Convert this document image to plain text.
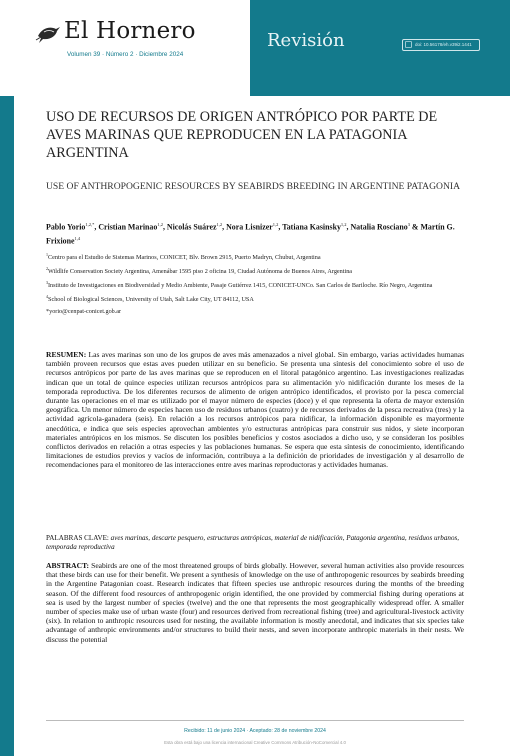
El Hornero
Volumen 39 · Número 2 · Diciembre 2024
Revisión	doi: 10.56178/eh.v39i2.1441
USO DE RECURSOS DE ORIGEN ANTRÓPICO POR PARTE DE AVES MARINAS QUE REPRODUCEN EN LA PATAGONIA ARGENTINA
USE OF ANTHROPOGENIC RESOURCES BY SEABIRDS BREEDING IN ARGENTINE PATAGONIA
Pablo Yorio$^{1,2,*}$, Cristian Marinao$^{1,2}$, Nicolás Suárez$^{1,2}$, Nora Lisnizer$^{1,2}$, Tatiana Kasinsky$^{1,2}$, Natalia Rosciano$^3$ & Martín G. Frixione$^{1,4}$

$^1$Centro para el Estudio de Sistemas Marinos, CONICET, Blv. Brown 2915, Puerto Madryn, Chubut, Argentina

$^2$Wildlife Conservation Society Argentina, Amenábar 1595 piso 2 oficina 19, Ciudad Autónoma de Buenos Aires, Argentina

$^3$Instituto de Investigaciones en Biodiversidad y Medio Ambiente, Pasaje Gutiérrez 1415, CONICET-UNCo. San Carlos de Bariloche. Río Negro, Argentina

$^4$School of Biological Sciences, University of Utah, Salt Lake City, UT 84112, USA

*yorio@cenpat-conicet.gob.ar
RESUMEN: Las aves marinas son uno de los grupos de aves más amenazados a nivel global. Sin embargo, varias actividades humanas también proveen recursos que estas aves pueden utilizar en su beneficio. Se presenta una síntesis del conocimiento sobre el uso de recursos antrópicos por parte de las aves marinas que se reproducen en el litoral patagónico argentino. Las investigaciones realizadas indican que un total de quince especies utilizan recursos antrópicos para su alimentación y/o nidificación durante los meses de la temporada reproductiva. De los diferentes recursos de alimento de origen antrópico identificados, el provisto por la pesca comercial durante las operaciones en el mar es utilizado por el mayor número de especies (doce) y el que representa la oferta de mayor extensión geográfica. Un menor número de especies hacen uso de residuos urbanos (cuatro) y de recursos derivados de la pesca recreativa (tres) y la actividad agrícola-ganadera (seis). En relación a los recursos antrópicos para nidificar, la información disponible es mayormente anecdótica, e indica que seis especies aprovechan ambientes y/o estructuras antrópicas para construir sus nidos, y siete incorporan materiales antrópicos en los mismos. Se discuten los posibles beneficios y costos asociados a dicho uso, y se consideran los posibles conflictos derivados en relación a otras especies y las poblaciones humanas. Se espera que esta síntesis de conocimiento, identificando limitaciones de estudios previos y vacíos de información, contribuya a la definición de prioridades de investigación y al desarrollo de recomendaciones para el monitoreo de las interacciones entre aves marinas reproductoras y actividades humanas.
PALABRAS CLAVE: aves marinas, descarte pesquero, estructuras antrópicas, material de nidificación, Patagonia argentina, residuos urbanos, temporada reproductiva
ABSTRACT: Seabirds are one of the most threatened groups of birds globally. However, several human activities also provide resources that these birds can use for their benefit. We present a synthesis of knowledge on the use of anthropogenic resources by seabirds breeding in the Argentine Patagonian coast. Research indicates that fifteen species use anthropic resources during the months of the breeding season. Of the different food resources of anthropogenic origin identified, the one provided by commercial fishing during operations at sea is used by the largest number of species (twelve) and the one that represents the most geographically widespread offer. A smaller number of species make use of urban waste (four) and resources derived from recreational fishing (tree) and agricultural-livestock activity (six). In relation to anthropic resources used for nesting, the available information is mostly anecdotal, and indicates that six species take advantage of anthropic environments and/or structures to build their nests, and seven incorporate anthropic materials in their nests. We discuss the potential
Recibido: 11 de junio 2024 · Aceptado: 28 de noviembre 2024
Esta obra está bajo una licencia internacional Creative Commons Atribución-NoComercial 4.0
